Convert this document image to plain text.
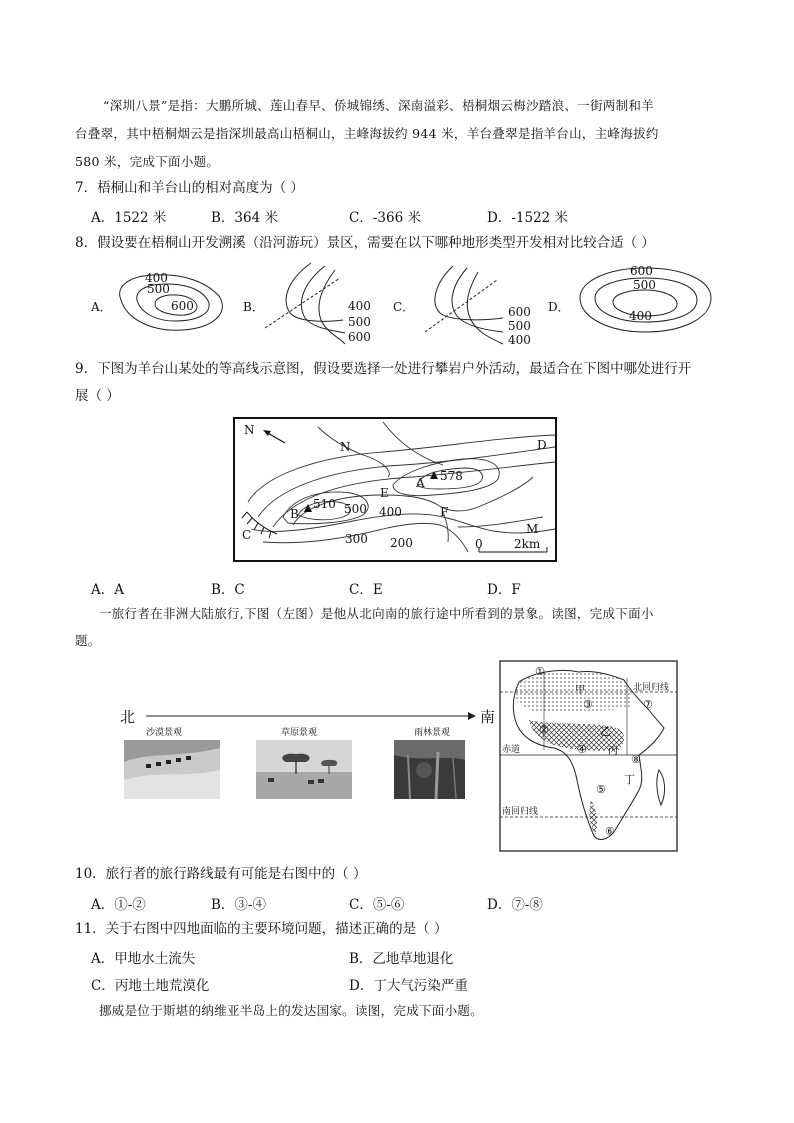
“深圳八景”是指：大鹏所城、莲山春早、侨城锦绣、深南溢彩、梧桐烟云梅沙踏浪、一街两制和羊
台叠翠，其中梧桐烟云是指深圳最高山梧桐山，主峰海拔约 944 米，羊台叠翠是指羊台山，主峰海拔约
580 米，完成下面小题。
7．梧桐山和羊台山的相对高度为（ ）
A．1522 米	B．364 米	C．-366 米	D．-1522 米
8．假设要在梧桐山开发溯溪（沿河游玩）景区，需要在以下哪种地形类型开发相对比较合适（ ）
A．
400
500
600	B．	400
500
600
C．	600
500
400
D．
600
500
400
9．下图为羊台山某处的等高线示意图，假设要选择一处进行攀岩户外活动，最适合在下图中哪处进行开
展（ ）
N
N	D
A 578
E
B
510 500 400	F
M
C	300 200	0	2km
A．A	B．C	C．E	D．F
一旅行者在非洲大陆旅行,下图（左图）是他从北向南的旅行途中所看到的景象。读图，完成下面小
题。
北	南
沙漠景观	草原景观	雨林景观
北回归线
赤道
南回归线
甲
乙
丙
丁
①
②
③
④
⑤
⑥
⑦
⑧
10．旅行者的旅行路线最有可能是右图中的（ ）
A．①-②	B．③-④	C．⑤-⑥	D．⑦-⑧
11．关于右图中四地面临的主要环境问题，描述正确的是（ ）
A．甲地水土流失	B．乙地草地退化
C．丙地土地荒漠化	D．丁大气污染严重
挪威是位于斯堪的纳维亚半岛上的发达国家。读图，完成下面小题。
